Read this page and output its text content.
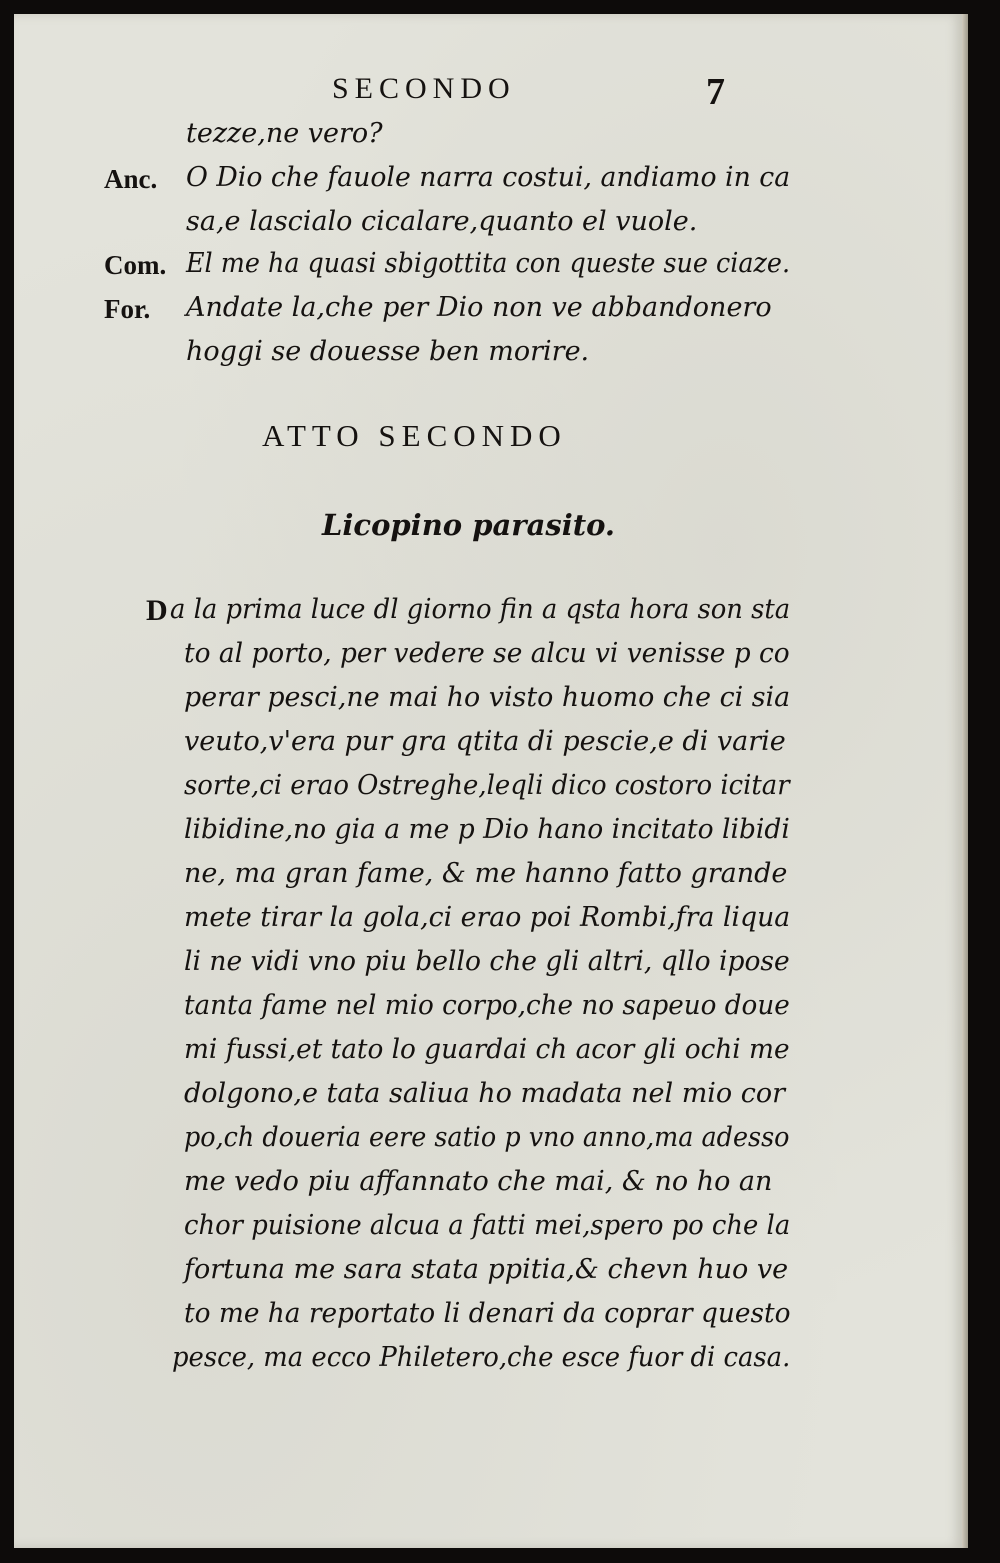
SECONDO	7
tezze,ne vero?
Anc. O Dio che fauole narra costui, andiamo in ca
sa,e lascialo cicalare,quanto el vuole.
Com. El me ha quasi sbigottita con queste sue ciaze.
For. Andate la,che per Dio non ve abbandonero
hoggi se douesse ben morire.
ATTO SECONDO
Licopino parasito.
D a la prima luce dl giorno fin a qsta hora son sta
to al porto, per vedere se alcu vi venisse p co
perar pesci,ne mai ho visto huomo che ci sia
veuto,v'era pur gra qtita di pescie,e di varie
sorte,ci erao Ostreghe,leqli dico costoro icitar
libidine,no gia a me p Dio hano incitato libidi
ne, ma gran fame, & me hanno fatto grande
mete tirar la gola,ci erao poi Rombi,fra liqua
li ne vidi vno piu bello che gli altri, qllo ipose
tanta fame nel mio corpo,che no sapeuo doue
mi fussi,et tato lo guardai ch acor gli ochi me
dolgono,e tata saliua ho madata nel mio cor
po,ch doueria eere satio p vno anno,ma adesso
me vedo piu affannato che mai, & no ho an
chor puisione alcua a fatti mei,spero po che la
fortuna me sara stata ppitia,& chevn huo ve
to me ha reportato li denari da coprar questo
pesce, ma ecco Philetero,che esce fuor di casa.
